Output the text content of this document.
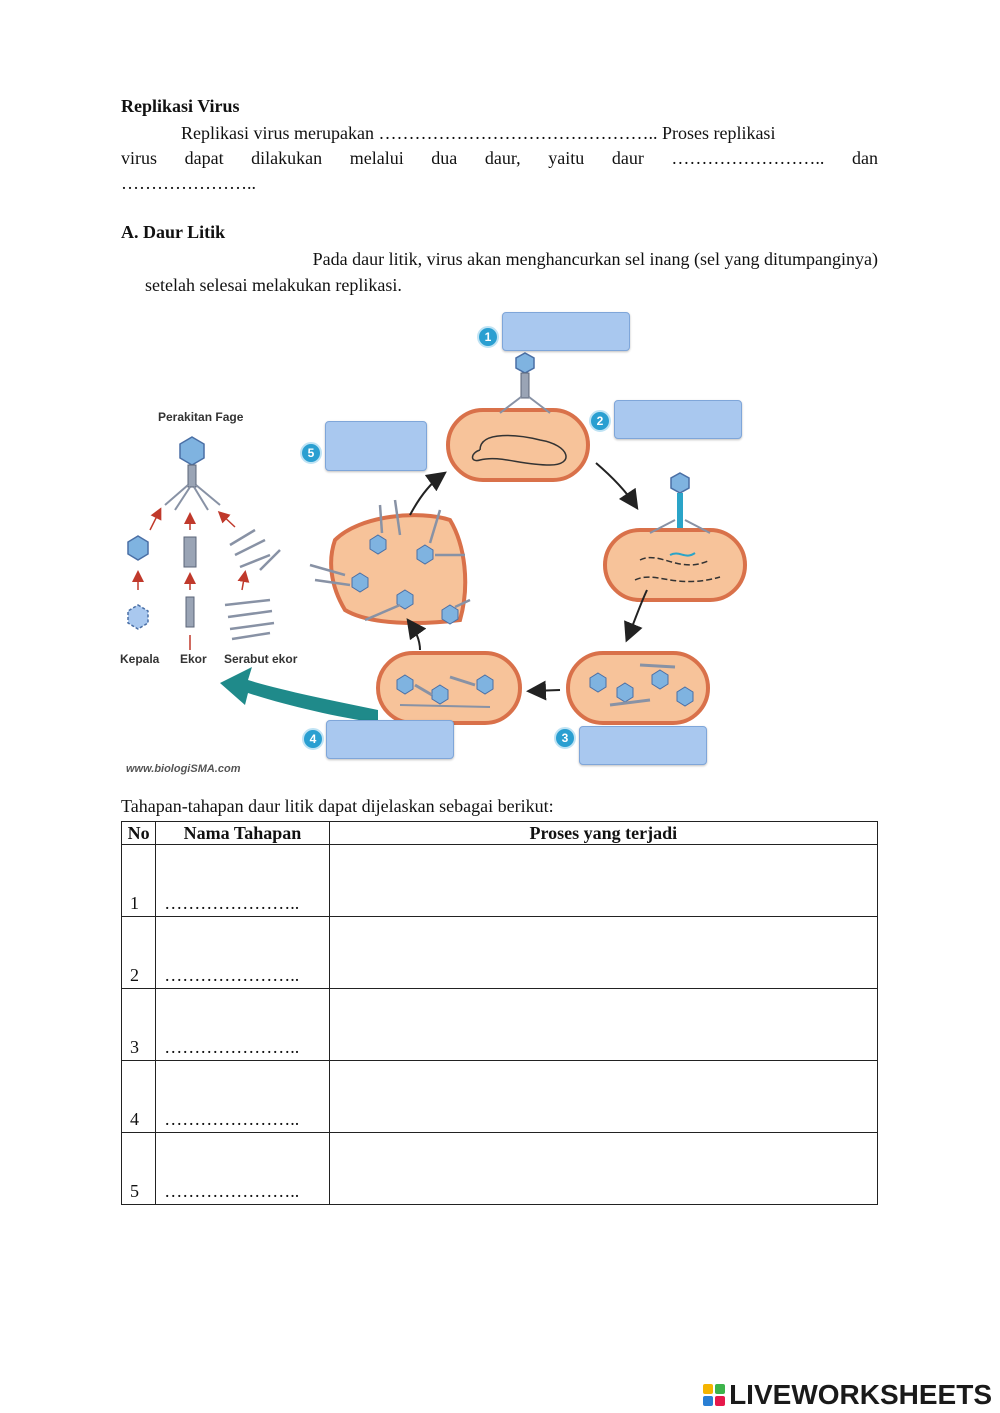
Replikasi Virus
Replikasi virus merupakan ……………………………………….. Proses replikasi
virus dapat dilakukan melalui dua daur, yaitu daur …………………….. dan
…………………..
A. Daur Litik
Pada daur litik, virus akan menghancurkan sel inang (sel yang ditumpanginya)
setelah selesai melakukan replikasi.
Perakitan Fage
Kepala Ekor Serabut ekor
www.biologiSMA.com
1
2
3
4
5
Tahapan-tahapan daur litik dapat dijelaskan sebagai berikut:
No	Nama Tahapan	Proses yang terjadi
1	…………………..	
2	…………………..	
3	…………………..	
4	…………………..	
5	…………………..	
LIVEWORKSHEETS
